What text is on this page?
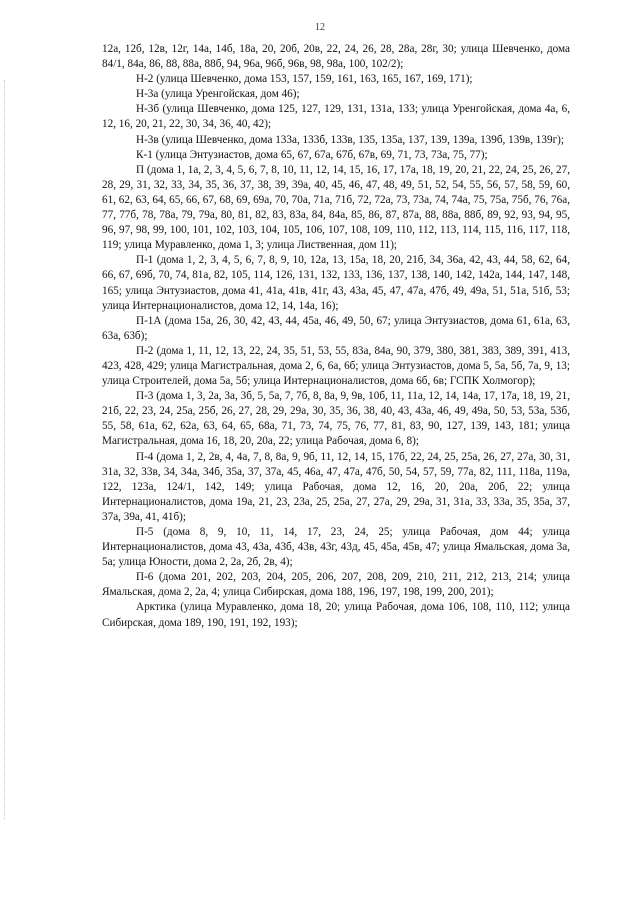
12

12а, 12б, 12в, 12г, 14а, 14б, 18а, 20, 20б, 20в, 22, 24, 26, 28, 28а, 28г, 30; улица Шевченко, дома 84/1, 84а, 86, 88, 88а, 88б, 94, 96а, 96б, 96в, 98, 98а, 100, 102/2);

Н-2 (улица Шевченко, дома 153, 157, 159, 161, 163, 165, 167, 169, 171);

Н-3а (улица Уренгойская, дом 46);

Н-3б (улица Шевченко, дома 125, 127, 129, 131, 131а, 133; улица Уренгойская, дома 4а, 6, 12, 16, 20, 21, 22, 30, 34, 36, 40, 42);

Н-3в (улица Шевченко, дома 133а, 133б, 133в, 135, 135а, 137, 139, 139а, 139б, 139в, 139г);

К-1 (улица Энтузиастов, дома 65, 67, 67а, 67б, 67в, 69, 71, 73, 73а, 75, 77);

П (дома 1, 1а, 2, 3, 4, 5, 6, 7, 8, 10, 11, 12, 14, 15, 16, 17, 17а, 18, 19, 20, 21, 22, 24, 25, 26, 27, 28, 29, 31, 32, 33, 34, 35, 36, 37, 38, 39, 39а, 40, 45, 46, 47, 48, 49, 51, 52, 54, 55, 56, 57, 58, 59, 60, 61, 62, 63, 64, 65, 66, 67, 68, 69, 69а, 70, 70а, 71а, 71б, 72, 72а, 73, 73а, 74, 74а, 75, 75а, 75б, 76, 76а, 77, 77б, 78, 78а, 79, 79а, 80, 81, 82, 83, 83а, 84, 84а, 85, 86, 87, 87а, 88, 88а, 88б, 89, 92, 93, 94, 95, 96, 97, 98, 99, 100, 101, 102, 103, 104, 105, 106, 107, 108, 109, 110, 112, 113, 114, 115, 116, 117, 118, 119; улица Муравленко, дома 1, 3; улица Лиственная, дом 11);

П-1 (дома 1, 2, 3, 4, 5, 6, 7, 8, 9, 10, 12а, 13, 15а, 18, 20, 21б, 34, 36а, 42, 43, 44, 58, 62, 64, 66, 67, 69б, 70, 74, 81а, 82, 105, 114, 126, 131, 132, 133, 136, 137, 138, 140, 142, 142а, 144, 147, 148, 165; улица Энтузиастов, дома 41, 41а, 41в, 41г, 43, 43а, 45, 47, 47а, 47б, 49, 49а, 51, 51а, 51б, 53; улица Интернационалистов, дома 12, 14, 14а, 16);

П-1А (дома 15а, 26, 30, 42, 43, 44, 45а, 46, 49, 50, 67; улица Энтузиастов, дома 61, 61а, 63, 63а, 63б);

П-2 (дома 1, 11, 12, 13, 22, 24, 35, 51, 53, 55, 83а, 84а, 90, 379, 380, 381, 383, 389, 391, 413, 423, 428, 429; улица Магистральная, дома 2, 6, 6а, 6б; улица Энтузиастов, дома 5, 5а, 5б, 7а, 9, 13; улица Строителей, дома 5а, 5б; улица Интернационалистов, дома 6б, 6в; ГСПК Холмогор);

П-3 (дома 1, 3, 2а, 3а, 3б, 5, 5а, 7, 7б, 8, 8а, 9, 9в, 10б, 11, 11а, 12, 14, 14а, 17, 17а, 18, 19, 21, 21б, 22, 23, 24, 25а, 25б, 26, 27, 28, 29, 29а, 30, 35, 36, 38, 40, 43, 43а, 46, 49, 49а, 50, 53, 53а, 53б, 55, 58, 61а, 62, 62а, 63, 64, 65, 68а, 71, 73, 74, 75, 76, 77, 81, 83, 90, 127, 139, 143, 181; улица Магистральная, дома 16, 18, 20, 20а, 22; улица Рабочая, дома 6, 8);

П-4 (дома 1, 2, 2в, 4, 4а, 7, 8, 8а, 9, 9б, 11, 12, 14, 15, 17б, 22, 24, 25, 25а, 26, 27, 27а, 30, 31, 31а, 32, 33в, 34, 34а, 34б, 35а, 37, 37а, 45, 46а, 47, 47а, 47б, 50, 54, 57, 59, 77а, 82, 111, 118а, 119а, 122, 123а, 124/1, 142, 149; улица Рабочая, дома 12, 16, 20, 20а, 20б, 22; улица Интернационалистов, дома 19а, 21, 23, 23а, 25, 25а, 27, 27а, 29, 29а, 31, 31а, 33, 33а, 35, 35а, 37, 37а, 39а, 41, 41б);

П-5 (дома 8, 9, 10, 11, 14, 17, 23, 24, 25; улица Рабочая, дом 44; улица Интернационалистов, дома 43, 43а, 43б, 43в, 43г, 43д, 45, 45а, 45в, 47; улица Ямальская, дома 3а, 5а; улица Юности, дома 2, 2а, 2б, 2в, 4);

П-6 (дома 201, 202, 203, 204, 205, 206, 207, 208, 209, 210, 211, 212, 213, 214; улица Ямальская, дома 2, 2а, 4; улица Сибирская, дома 188, 196, 197, 198, 199, 200, 201);

Арктика (улица Муравленко, дома 18, 20; улица Рабочая, дома 106, 108, 110, 112; улица Сибирская, дома 189, 190, 191, 192, 193);
